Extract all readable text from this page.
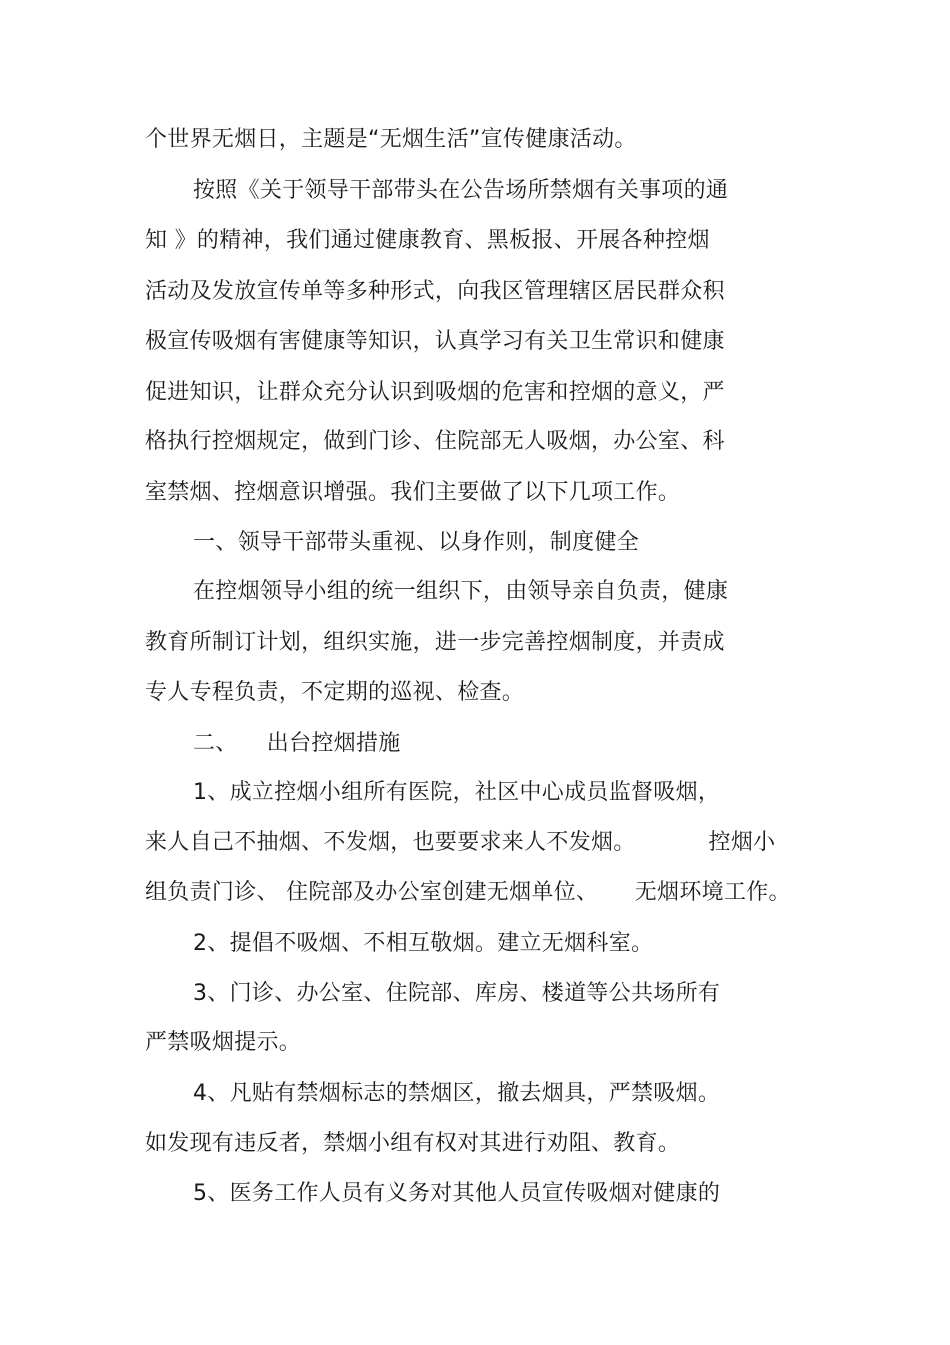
个世界无烟日，主题是“无烟生活”宣传健康活动。
按照《关于领导干部带头在公告场所禁烟有关事项的通
知 》的精神，我们通过健康教育、黑板报、开展各种控烟
活动及发放宣传单等多种形式，向我区管理辖区居民群众积
极宣传吸烟有害健康等知识，认真学习有关卫生常识和健康
促进知识，让群众充分认识到吸烟的危害和控烟的意义，严
格执行控烟规定，做到门诊、住院部无人吸烟，办公室、科
室禁烟、控烟意识增强。我们主要做了以下几项工作。
一、领导干部带头重视、以身作则，制度健全
在控烟领导小组的统一组织下，由领导亲自负责，健康
教育所制订计划，组织实施，进一步完善控烟制度，并责成
专人专程负责，不定期的巡视、检查。
二、    出台控烟措施
1、成立控烟小组所有医院，社区中心成员监督吸烟，
来人自己不抽烟、不发烟，也要要求来人不发烟。          控烟小
组负责门诊、 住院部及办公室创建无烟单位、     无烟环境工作。
2、提倡不吸烟、不相互敬烟。建立无烟科室。
3、门诊、办公室、住院部、库房、楼道等公共场所有
严禁吸烟提示。
4、凡贴有禁烟标志的禁烟区，撤去烟具，严禁吸烟。
如发现有违反者，禁烟小组有权对其进行劝阻、教育。
5、医务工作人员有义务对其他人员宣传吸烟对健康的
